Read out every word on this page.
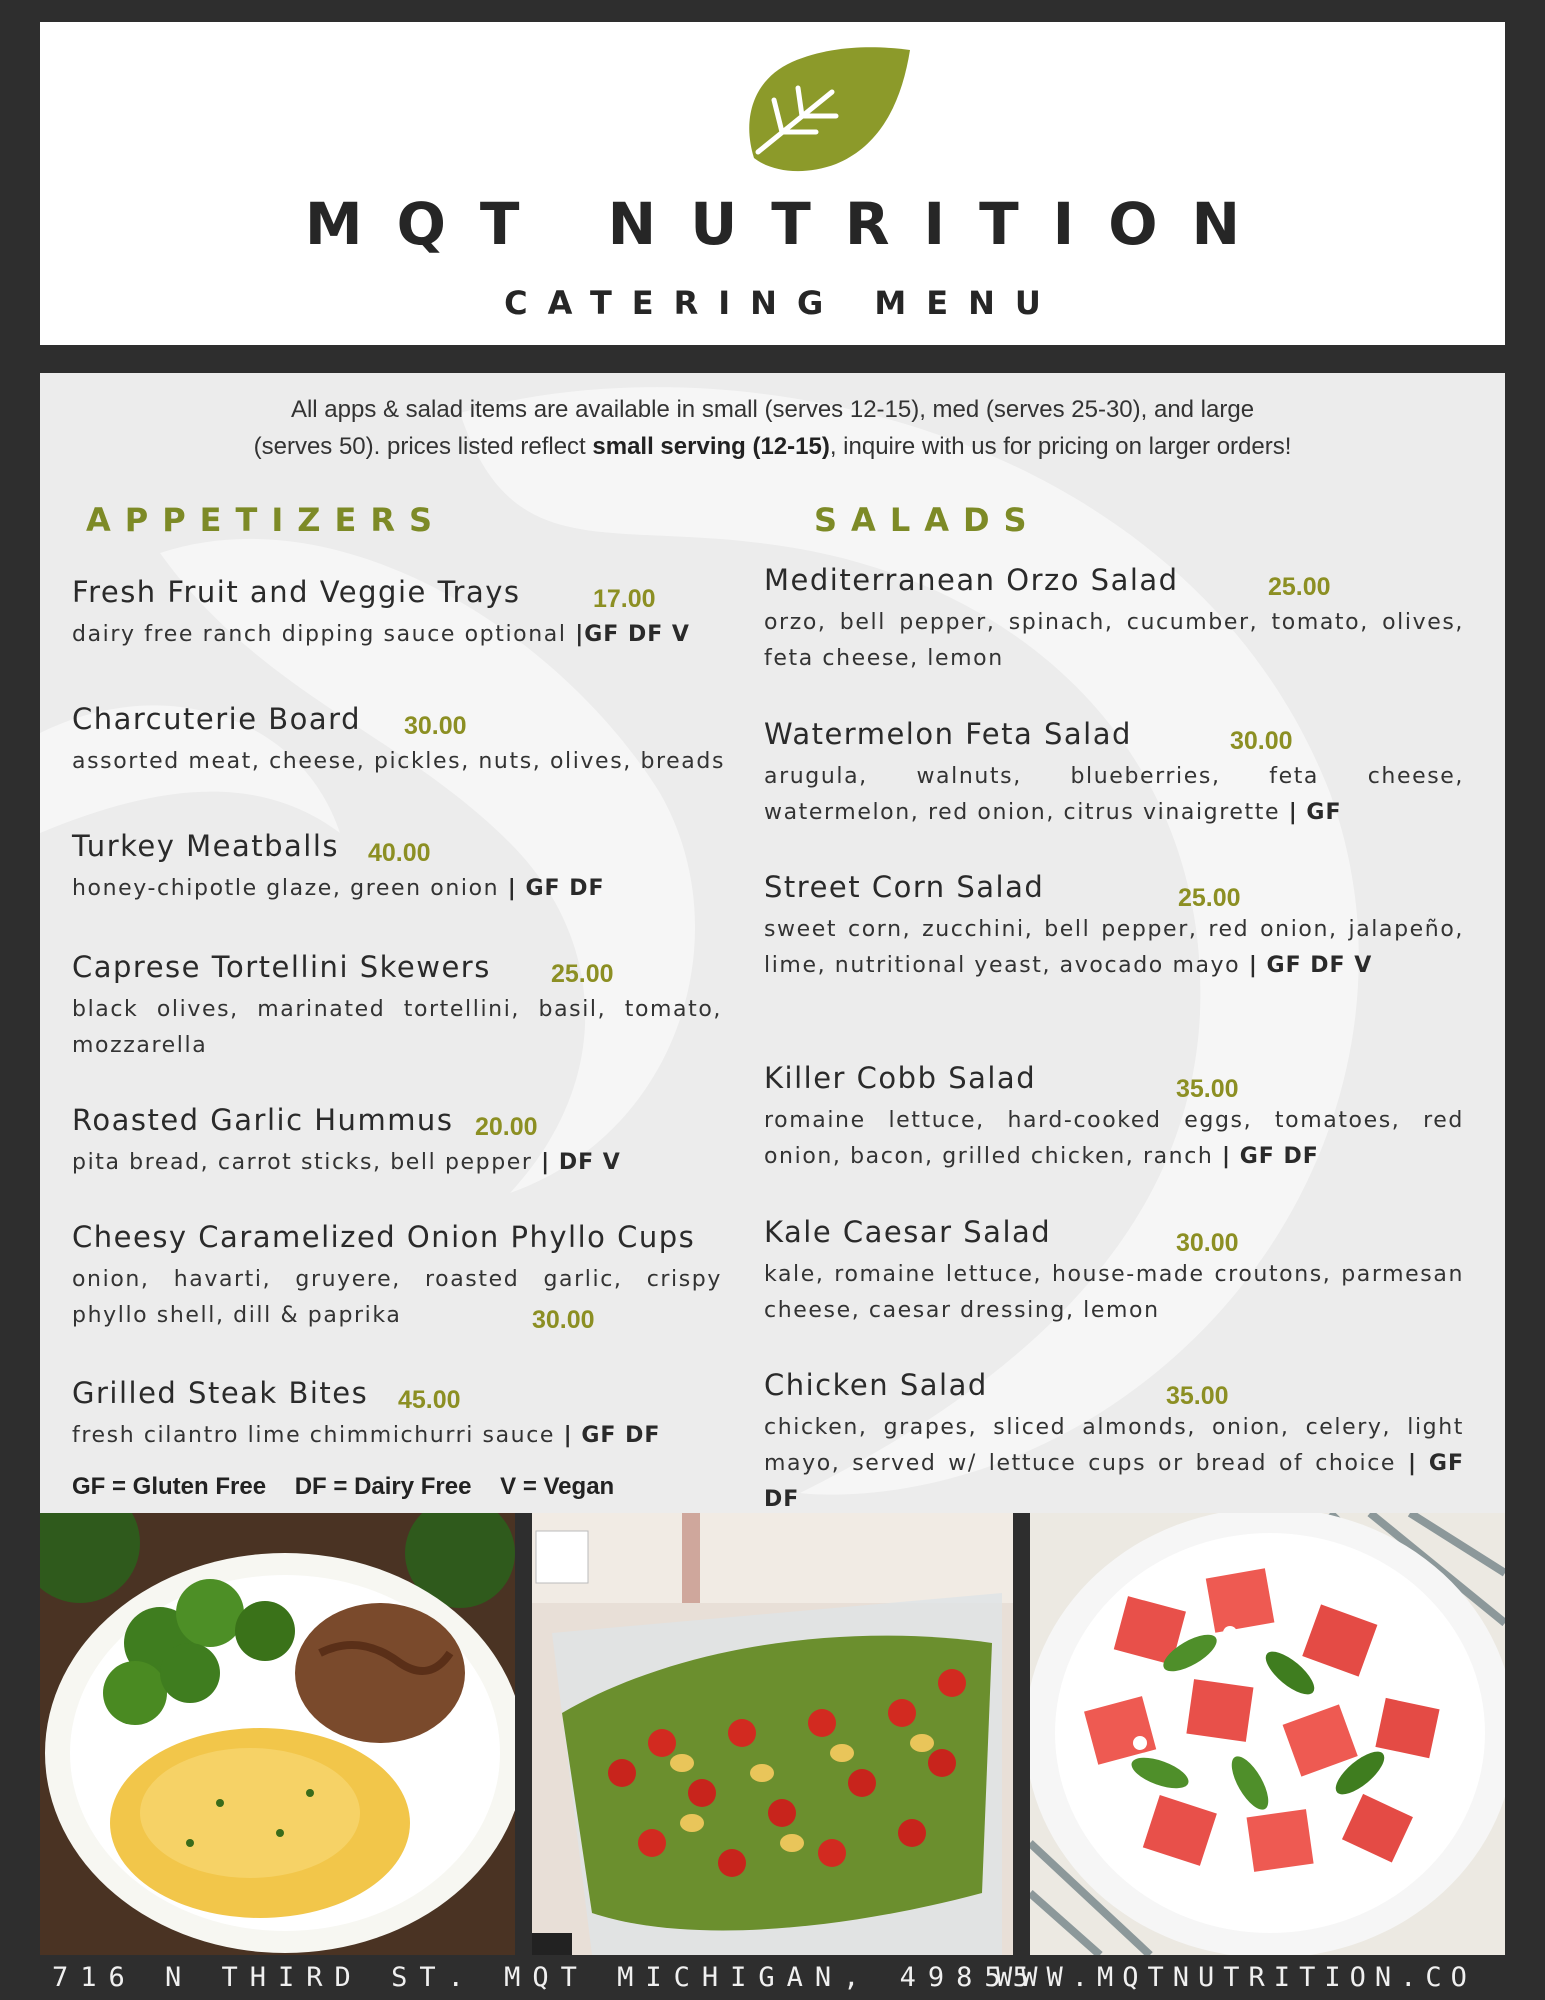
MQT NUTRITION
CATERING MENU
All apps & salad items are available in small (serves 12-15), med (serves 25-30), and large
(serves 50). prices listed reflect small serving (12-15), inquire with us for pricing on larger orders!
APPETIZERS	SALADS
Fresh Fruit and Veggie Trays	17.00
dairy free ranch dipping sauce optional |GF DF V
Charcuterie Board 30.00
assorted meat, cheese, pickles, nuts, olives, breads
Turkey Meatballs 40.00
honey-chipotle glaze, green onion | GF DF
Caprese Tortellini Skewers 25.00
black olives, marinated tortellini, basil, tomato, mozzarella
Roasted Garlic Hummus 20.00
pita bread, carrot sticks, bell pepper | DF V
Cheesy Caramelized Onion Phyllo Cups
30.00
onion, havarti, gruyere, roasted garlic, crispy phyllo shell, dill & paprika
Grilled Steak Bites 45.00
fresh cilantro lime chimmichurri sauce | GF DF
GF = Gluten Free DF = Dairy Free V = Vegan
Mediterranean Orzo Salad	25.00
orzo, bell pepper, spinach, cucumber, tomato, olives, feta cheese, lemon
Watermelon Feta Salad	30.00
arugula, walnuts, blueberries, feta cheese, watermelon, red onion, citrus vinaigrette | GF
Street Corn Salad	25.00
sweet corn, zucchini, bell pepper, red onion, jalapeño, lime, nutritional yeast, avocado mayo | GF DF V
Killer Cobb Salad	35.00
romaine lettuce, hard-cooked eggs, tomatoes, red onion, bacon, grilled chicken, ranch | GF DF
Kale Caesar Salad	30.00
kale, romaine lettuce, house-made croutons, parmesan cheese, caesar dressing, lemon
Chicken Salad	35.00
chicken, grapes, sliced almonds, onion, celery, light mayo, served w/ lettuce cups or bread of choice | GF DF
716 N THIRD ST. MQT MICHIGAN, 49855
WWW.MQTNUTRITION.CO
